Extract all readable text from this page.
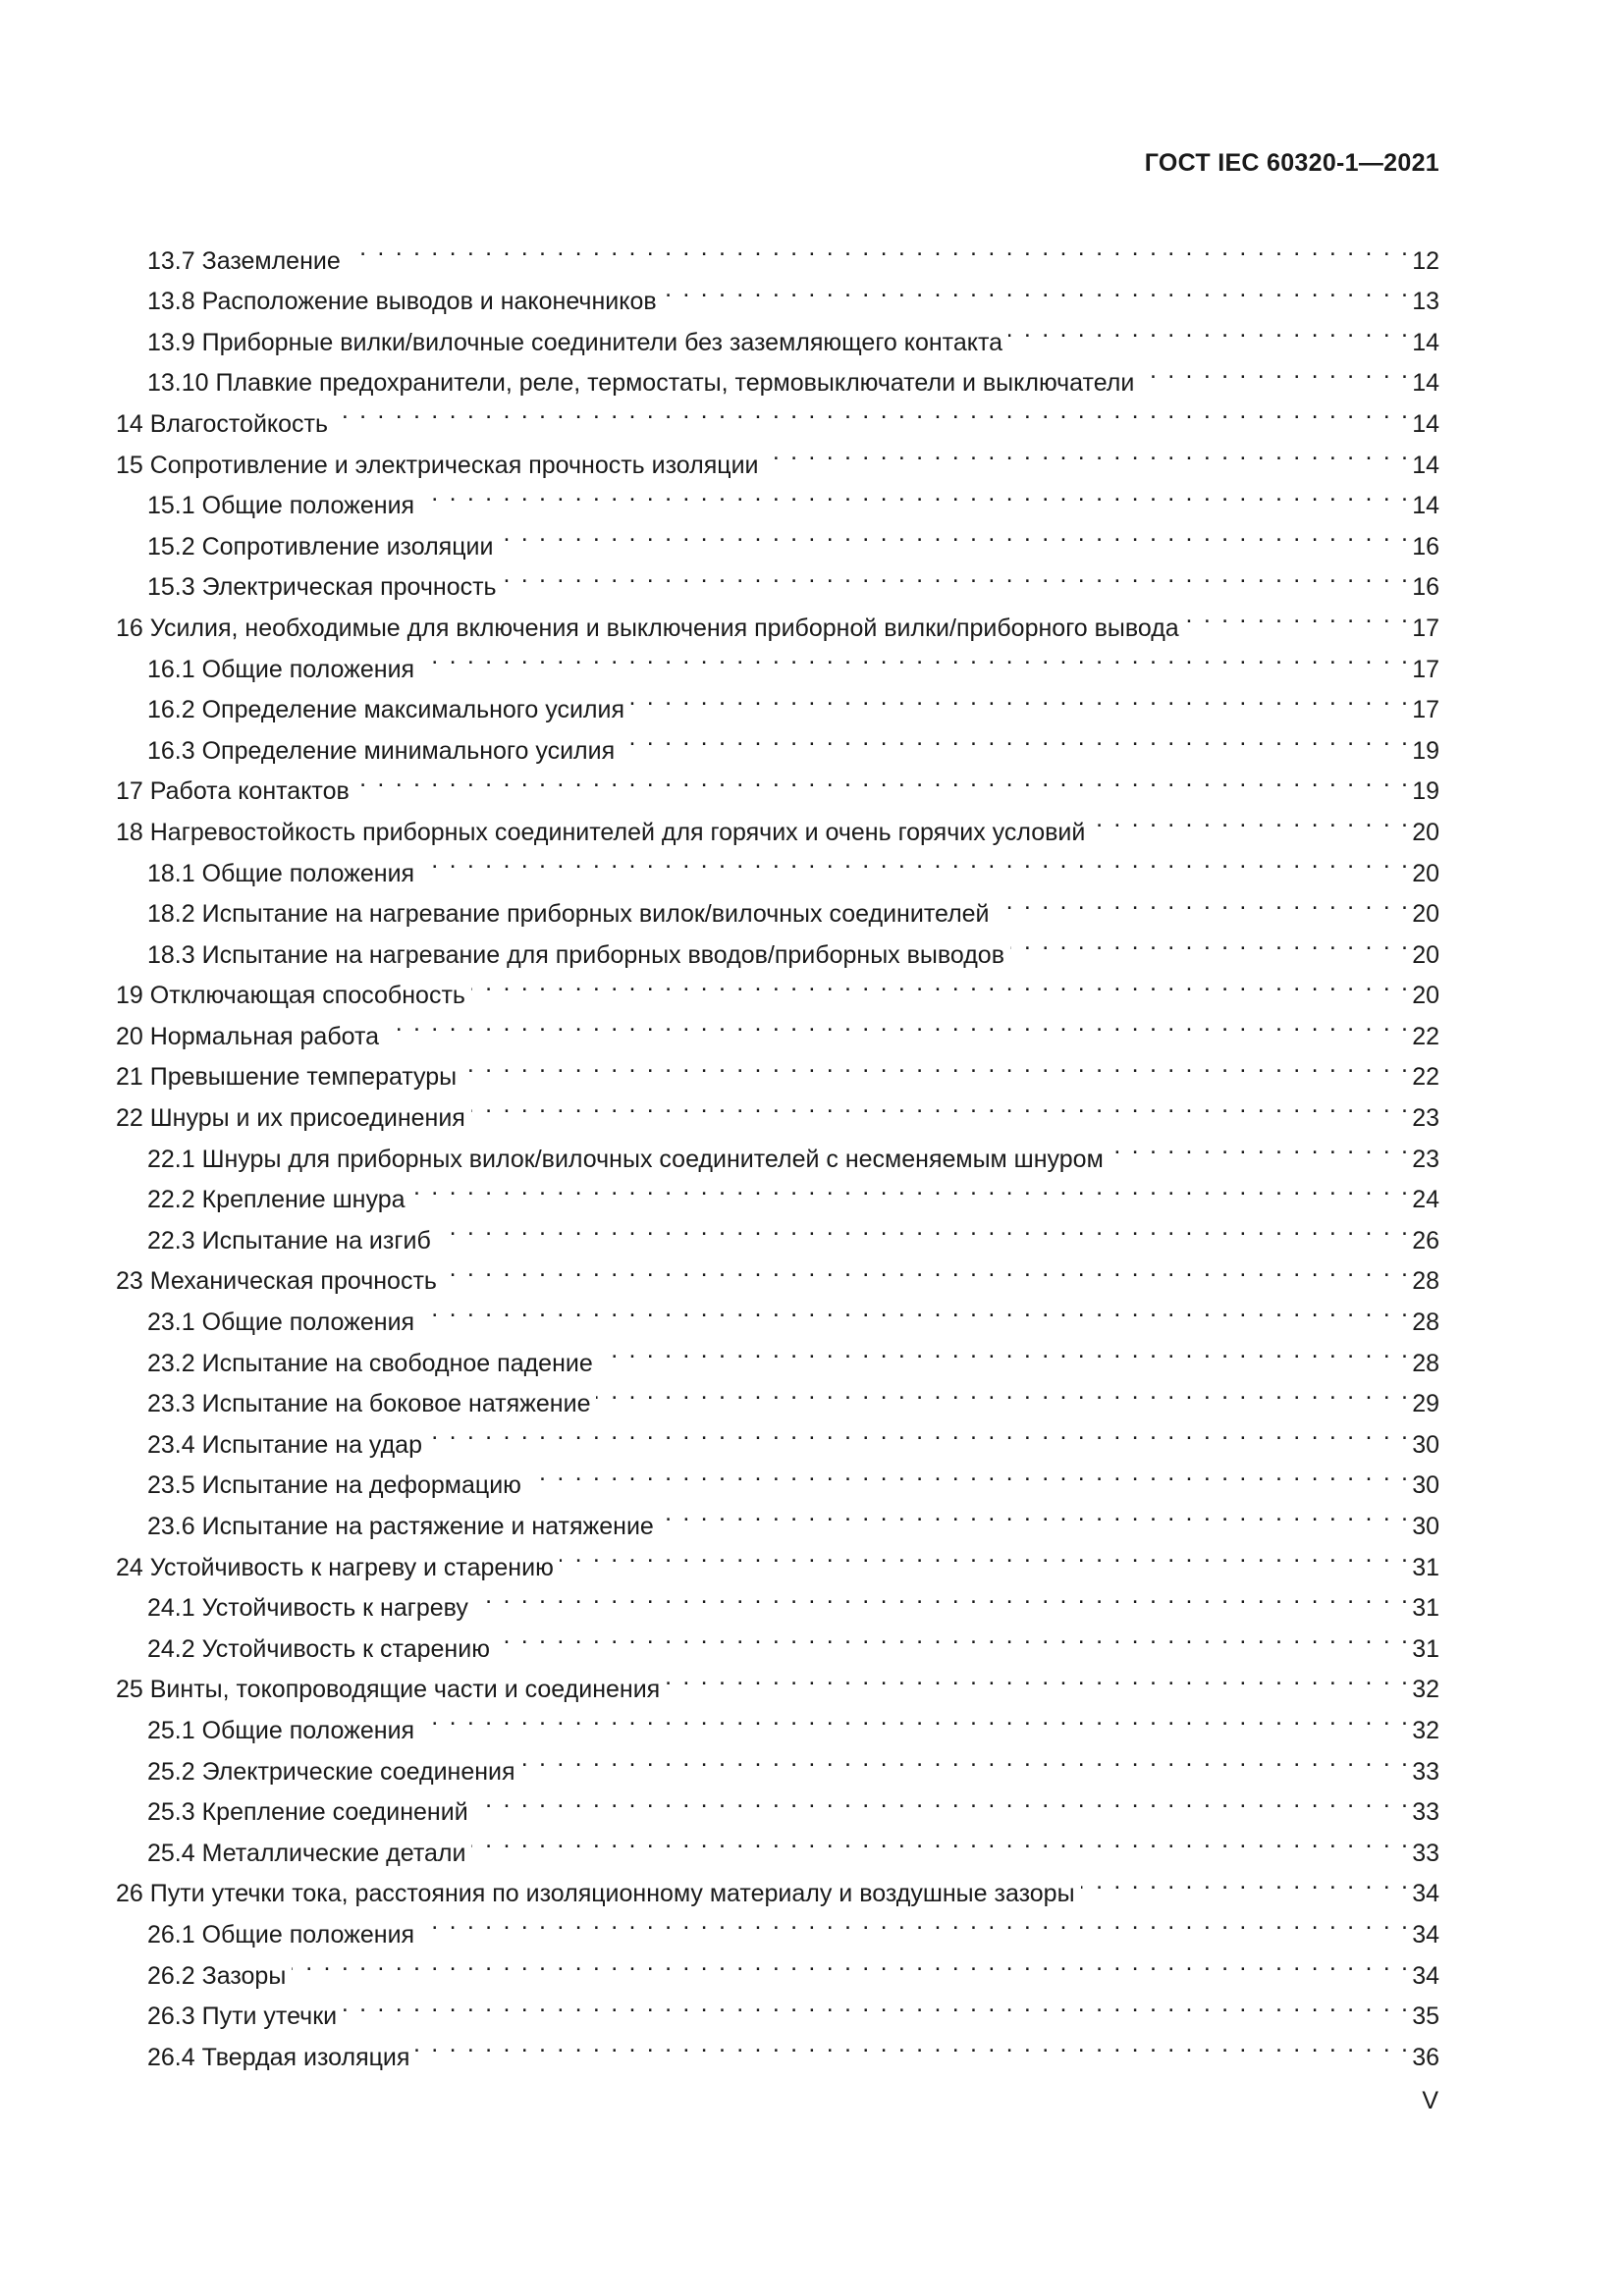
ГОСТ IEC 60320-1—2021
13.7 Заземление . . .	12
13.8 Расположение выводов и наконечников . . .	13
13.9 Приборные вилки/вилочные соединители без заземляющего контакта . . .	14
13.10 Плавкие предохранители, реле, термостаты, термовыключатели и выключатели . . .	14
14 Влагостойкость . . .	14
15 Сопротивление и электрическая прочность изоляции . . .	14
15.1 Общие положения . . .	14
15.2 Сопротивление изоляции . . .	16
15.3 Электрическая прочность . . .	16
16 Усилия, необходимые для включения и выключения приборной вилки/приборного вывода . . .	17
16.1 Общие положения . . .	17
16.2 Определение максимального усилия . . .	17
16.3 Определение минимального усилия . . .	19
17 Работа контактов . . .	19
18 Нагревостойкость приборных соединителей для горячих и очень горячих условий . . .	20
18.1 Общие положения . . .	20
18.2 Испытание на нагревание приборных вилок/вилочных соединителей . . .	20
18.3 Испытание на нагревание для приборных вводов/приборных выводов . . .	20
19 Отключающая способность . . .	20
20 Нормальная работа . . .	22
21 Превышение температуры . . .	22
22 Шнуры и их присоединения . . .	23
22.1 Шнуры для приборных вилок/вилочных соединителей с несменяемым шнуром . . .	23
22.2 Крепление шнура . . .	24
22.3 Испытание на изгиб . . .	26
23 Механическая прочность . . .	28
23.1 Общие положения . . .	28
23.2 Испытание на свободное падение . . .	28
23.3 Испытание на боковое натяжение . . .	29
23.4 Испытание на удар . . .	30
23.5 Испытание на деформацию . . .	30
23.6 Испытание на растяжение и натяжение . . .	30
24 Устойчивость к нагреву и старению . . .	31
24.1 Устойчивость к нагреву . . .	31
24.2 Устойчивость к старению . . .	31
25 Винты, токопроводящие части и соединения . . .	32
25.1 Общие положения . . .	32
25.2 Электрические соединения . . .	33
25.3 Крепление соединений . . .	33
25.4 Металлические детали . . .	33
26 Пути утечки тока, расстояния по изоляционному материалу и воздушные зазоры . . .	34
26.1 Общие положения . . .	34
26.2 Зазоры . . .	34
26.3 Пути утечки . . .	35
26.4 Твердая изоляция . . .	36
V
